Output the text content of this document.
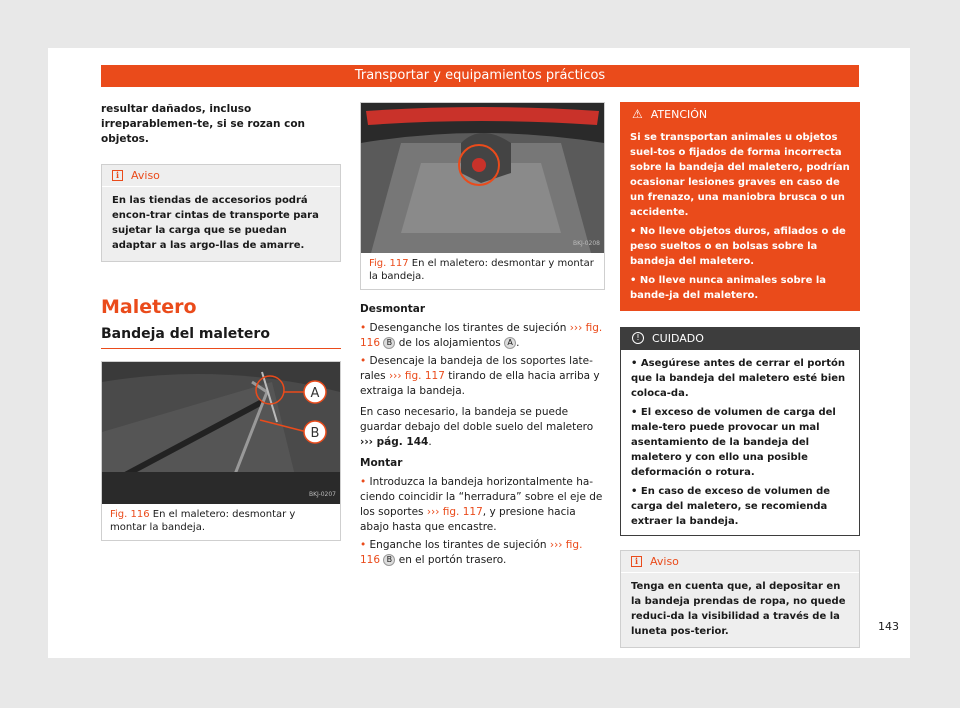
Transportar y equipamientos prácticos

resultar dañados, incluso irreparablemen-te, si se rozan con objetos.

i	Aviso
En las tiendas de accesorios podrá encon-trar cintas de transporte para sujetar la carga que se puedan adaptar a las argo-llas de amarre.
Maletero
Bandeja del maletero
A
B
BKJ-0207
Fig. 116 En el maletero: desmontar y montar la bandeja.
BKJ-0208
Fig. 117 En el maletero: desmontar y montar la bandeja.

Desmontar

• Desenganche los tirantes de sujeción ››› fig. 116 B de los alojamientos A .

• Desencaje la bandeja de los soportes late-rales ››› fig. 117 tirando de ella hacia arriba y extraiga la bandeja.

En caso necesario, la bandeja se puede guardar debajo del doble suelo del maletero ››› pág. 144.

Montar

• Introduzca la bandeja horizontalmente ha-ciendo coincidir la “herradura” sobre el eje de los soportes ››› fig. 117, y presione hacia abajo hasta que encastre.

• Enganche los tirantes de sujeción ››› fig. 116 B en el portón trasero.

⚠ ATENCIÓN
Si se transportan animales u objetos suel-tos o fijados de forma incorrecta sobre la bandeja del maletero, podrían ocasionar lesiones graves en caso de un frenazo, una maniobra brusca o un accidente.
• No lleve objetos duros, afilados o de peso sueltos o en bolsas sobre la bandeja del maletero.
• No lleve nunca animales sobre la bande-ja del maletero.
!	CUIDADO
• Asegúrese antes de cerrar el portón que la bandeja del maletero esté bien coloca-da.
• El exceso de volumen de carga del male-tero puede provocar un mal asentamiento de la bandeja del maletero y con ello una posible deformación o rotura.
• En caso de exceso de volumen de carga del maletero, se recomienda extraer la bandeja.
i	Aviso
Tenga en cuenta que, al depositar en la bandeja prendas de ropa, no quede reduci-da la visibilidad a través de la luneta pos-terior.	143
